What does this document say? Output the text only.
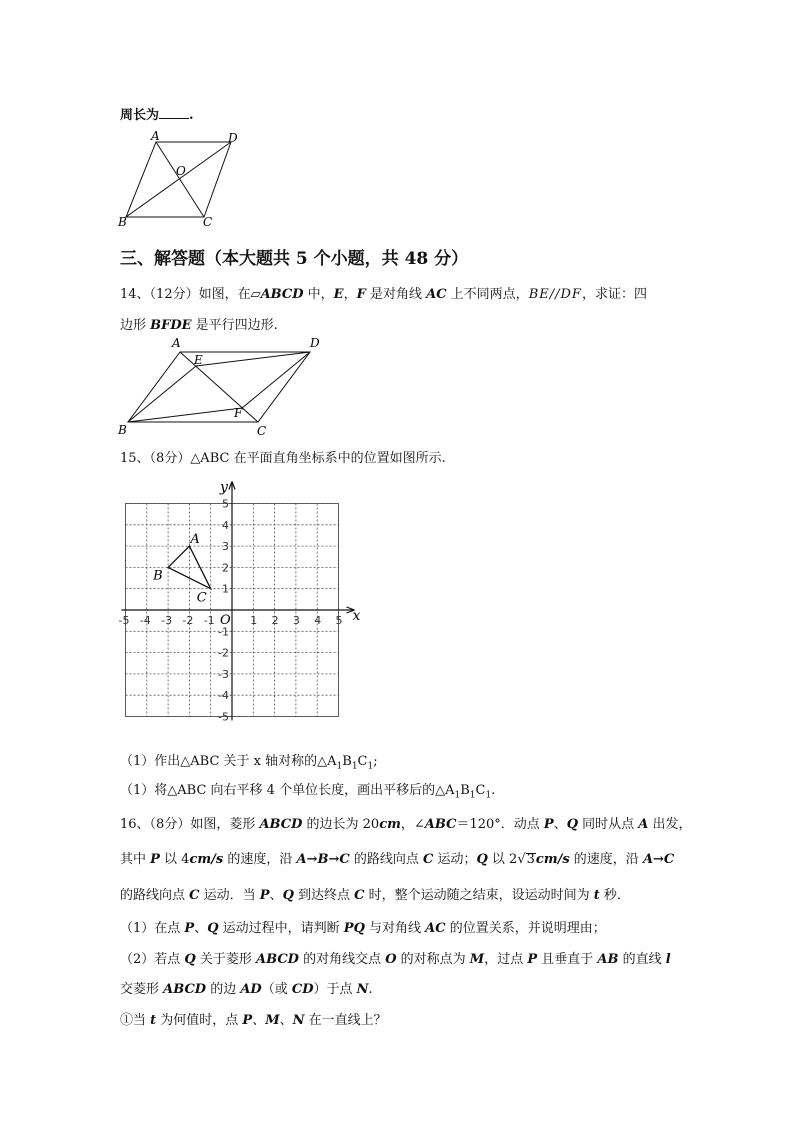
周长为 .
A	D
O
B	C
三、解答题（本大题共 5 个小题，共 48 分）
14、（12分）如图，在▱ABCD 中，E，F 是对角线 AC 上不同两点，BE//DF，求证：四
边形 BFDE 是平行四边形.
A	D
E
F
B	C
15、（8分）△ABC 在平面直角坐标系中的位置如图所示.
x
y
O
-5 -4 -3 -2 -1	1 2 3 4 5
5
4
3
2
1
-1
-2
-3
-4
-5
A
B
C
（1）作出△ABC 关于 x 轴对称的$\triangle A_1B_1C_1$;
（1）将△ABC 向右平移 4 个单位长度，画出平移后的$\triangle A_1B_1C_1$.
16、（8分）如图，菱形 ABCD 的边长为 20cm，∠ABC＝120°．动点 P、Q 同时从点 A 出发，
其中 P 以 4cm/s 的速度，沿 A→B→C 的路线向点 C 运动；Q 以 2√3cm/s 的速度，沿 A→C
的路线向点 C 运动．当 P、Q 到达终点 C 时，整个运动随之结束，设运动时间为 t 秒．
（1）在点 P、Q 运动过程中，请判断 PQ 与对角线 AC 的位置关系，并说明理由；
（2）若点 Q 关于菱形 ABCD 的对角线交点 O 的对称点为 M，过点 P 且垂直于 AB 的直线 l
交菱形 ABCD 的边 AD（或 CD）于点 N.
①当 t 为何值时，点 P、M、N 在一直线上？
